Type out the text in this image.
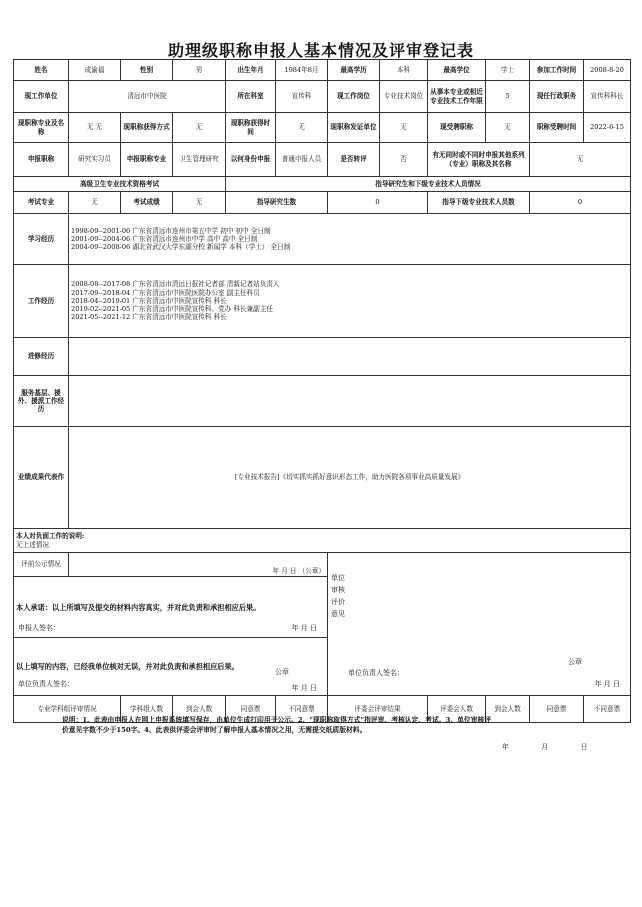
助理级职称申报人基本情况及评审登记表
姓名	成渝福	性别	男	出生年月	1984年8月	最高学历	本科	最高学位	学士	参加工作时间	2008-8-20
现工作单位	清远市中医院			所在科室	宣传科	现工作岗位	专业技术岗位	从事本专业或相近专业技术工作年限	5	现任行政职务	宣传科科长
现职称专业及名称	无 无	现职称获得方式	无	现职称获得时间	无	现职称发证单位	无	现受聘职称	无	职称受聘时间	2022-6-15
申报职称	研究实习员	申报职称专业	卫生管理研究	以何身份申报	普通申报人员	是否转评	否	有无同时或不同时申报其他系列（专业）职称及其名称		无	
高级卫生专业技术资格考试				指导研究生和下级专业技术人员情况							
考试专业	无	考试成绩	无	指导研究生数		0		指导下级专业技术人员数		0	
学习经历	1998-09--2001-06 广东省清远市连州市第五中学 初中 初中 全日制
2001-09--2004-06 广东省清远市连州市中学 高中 高中 全日制
2004-09--2008-06 湖北省武汉大学东湖分校 新闻学 本科（学士） 全日制										

工作经历	2008-08--2017-08 广东省清远市清远日报社记者部 清新记者站负责人
2017-09--2018-04 广东省清远市中医院医院办公室 副主任科员
2018-04--2019-01 广东省清远市中医院宣传科 科长
2019-02--2021-05 广东省清远市中医院宣传科、党办 科长兼副主任
2021-05--2021-12 广东省清远市中医院宣传科 科长										

进修经历											
服务基层、援外、援派工作经历											
业绩成果代表作	[专业技术报告]《切实抓实抓好意识形态工作，助力医院各项事业高质量发展》										

本人对负面工作的说明:
无上述情况											

评前公示情况	年 月 日 （公章）					单位审核评价意见
公章
单位负责人签名：
年 月 日					

本人承诺：以上所填写及提交的材料内容真实，并对此负责和承担相应后果。
申报人签名： 年 月 日											

以上填写的内容，已经我单位核对无误，并对此负责和承担相应后果。
公章
单位负责人签名： 年 月 日											

专业学科组评审情况		学科组人数	到会人数	同意票	不同意票	评委会评审结果		评委会人数	到会人数	同意票	不同意票
说明：1、此表由申报人在网上申报系统填写保存，由单位生成打印用于公示。2、"现职称取得方式"指评审、考核认定、考试。3、单位审核评
价意见字数不少于150字。4、此表供评委会评审时了解申报人基本情况之用，无需提交纸质版材料。
年	月	日
